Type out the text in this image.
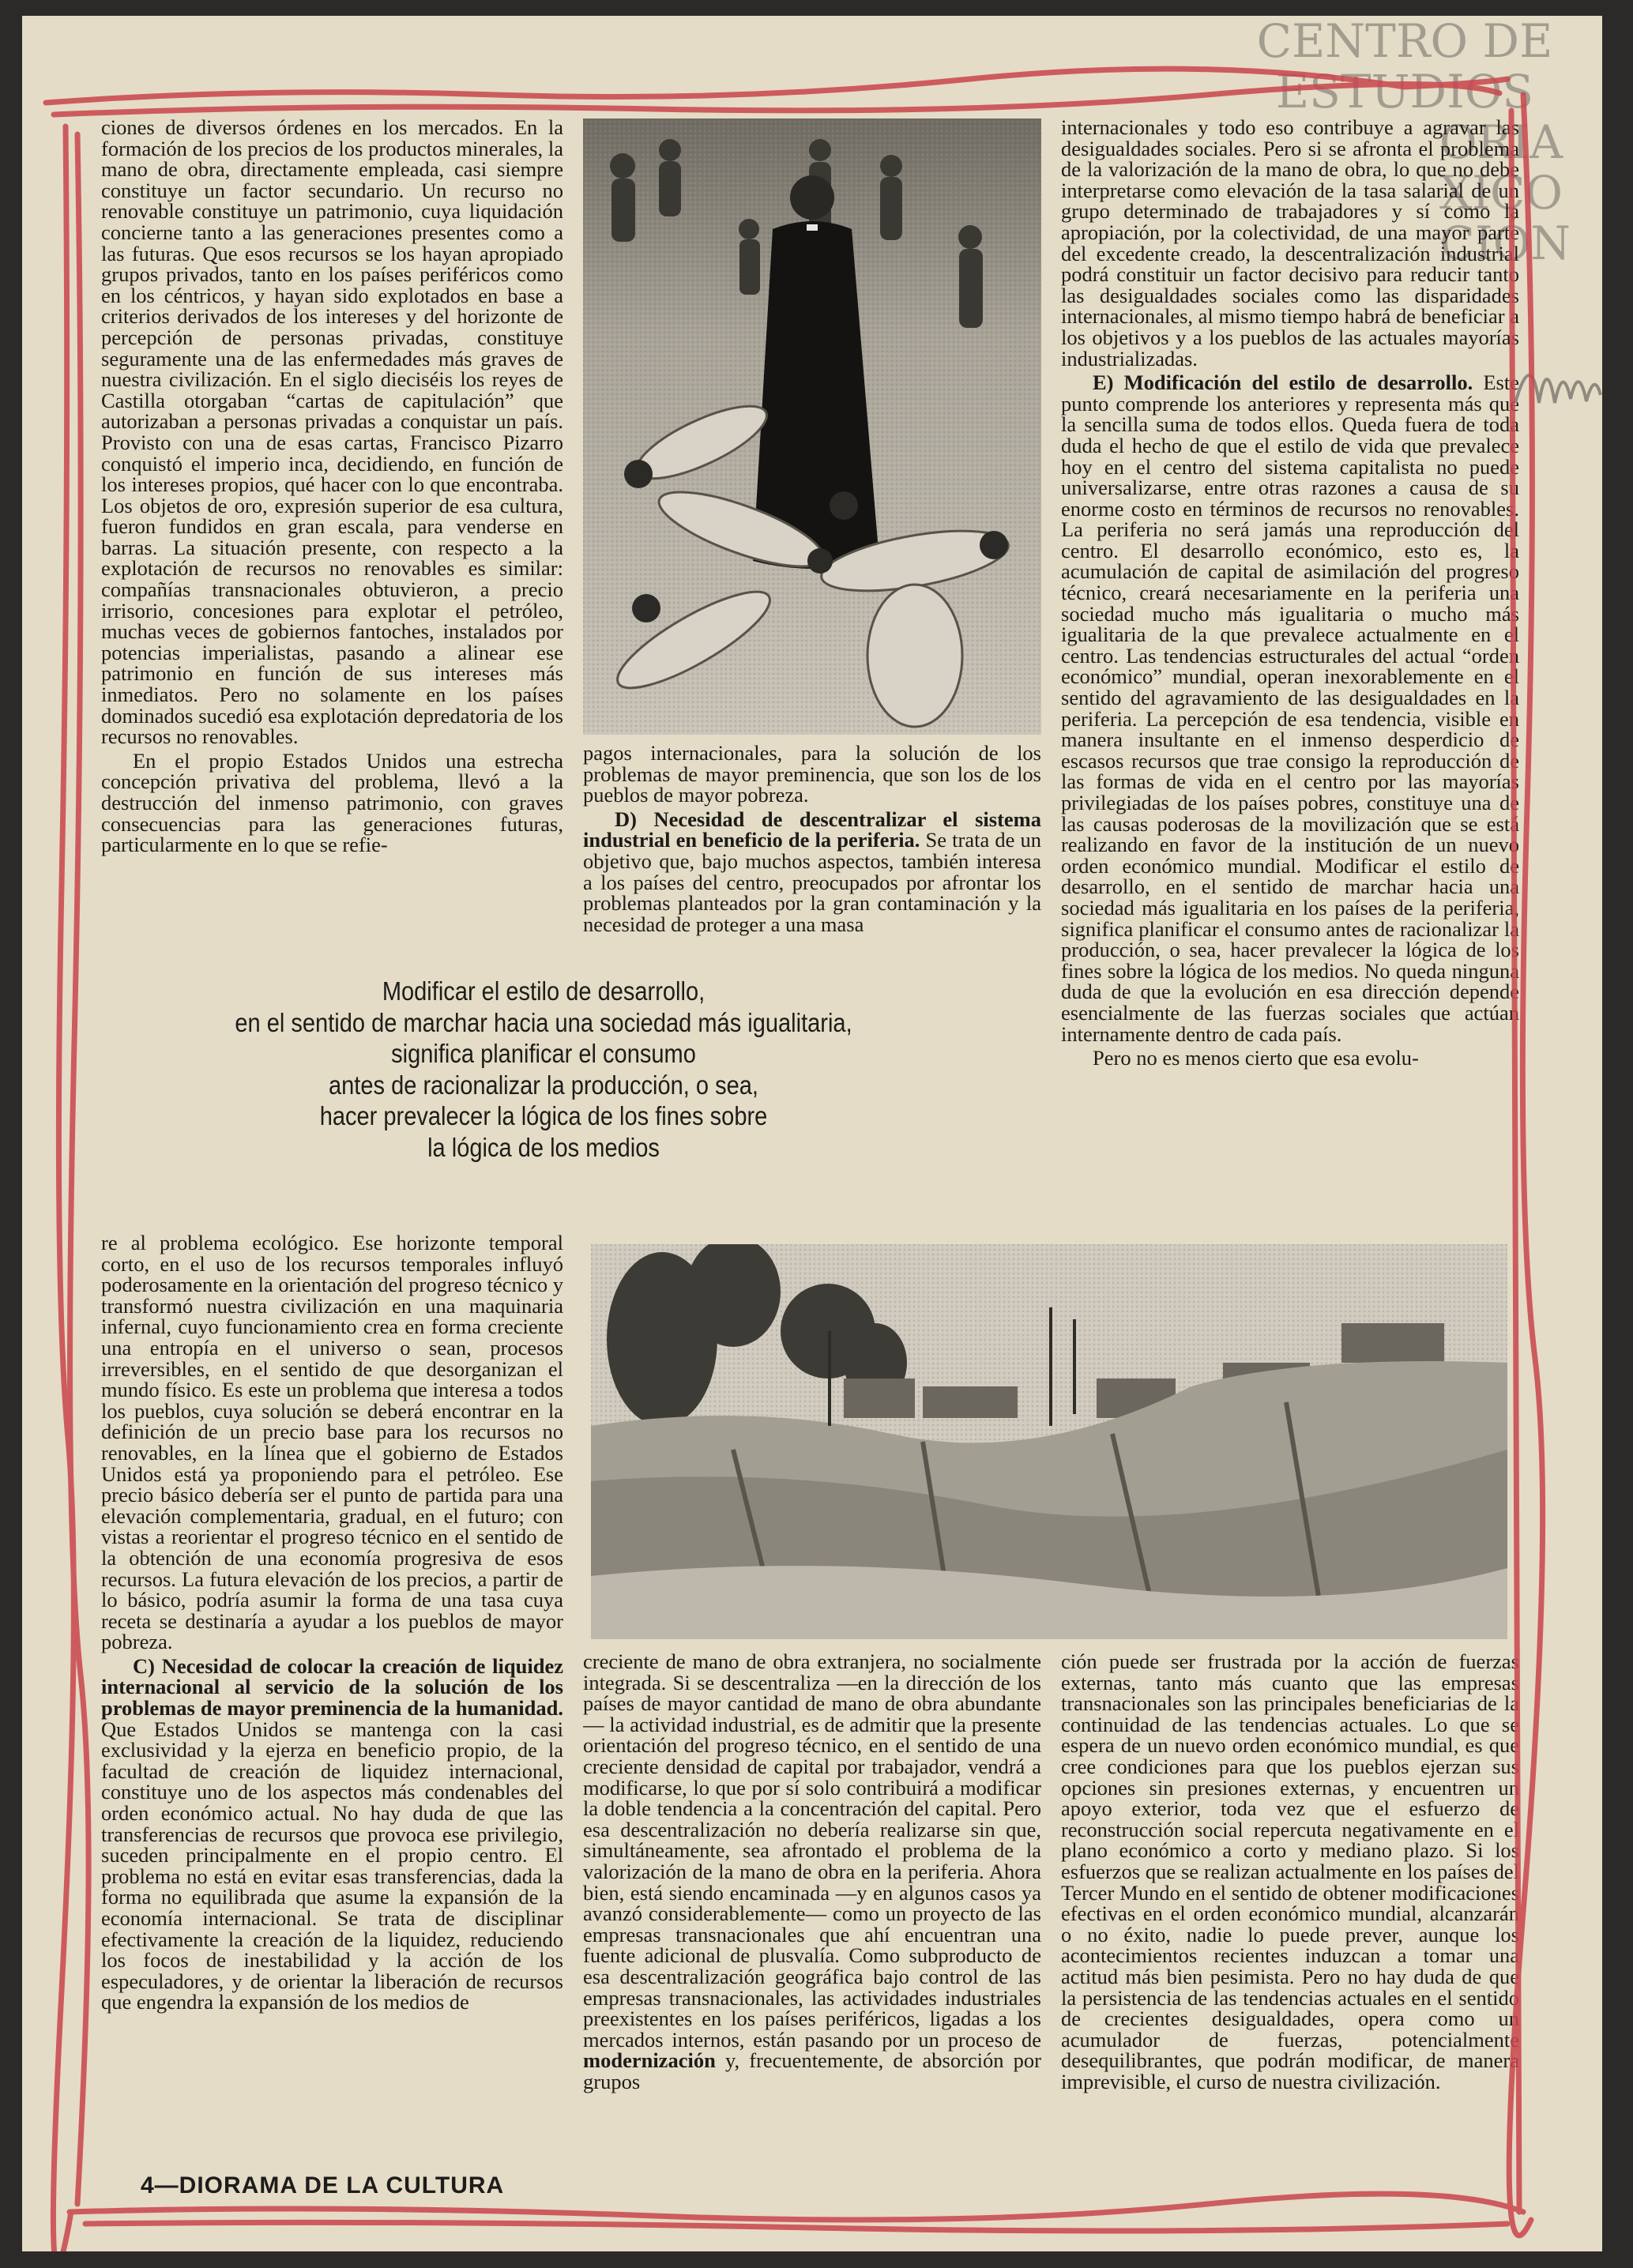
CENTRO DE
ESTUDIOS
ORIA
XICO
CIÓN

ciones de diversos órdenes en los mercados. En la formación de los precios de los productos minerales, la mano de obra, directamente empleada, casi siempre constituye un factor secundario. Un recurso no renovable constituye un patrimonio, cuya liquidación concierne tanto a las generaciones presentes como a las futuras. Que esos recursos se los hayan apropiado grupos privados, tanto en los países periféricos como en los céntricos, y hayan sido explotados en base a criterios derivados de los intereses y del horizonte de percepción de personas privadas, constituye seguramente una de las enfermedades más graves de nuestra civilización. En el siglo dieciséis los reyes de Castilla otorgaban “cartas de capitulación” que autorizaban a personas privadas a conquistar un país. Provisto con una de esas cartas, Francisco Pizarro conquistó el imperio inca, decidiendo, en función de los intereses propios, qué hacer con lo que encontraba. Los objetos de oro, expresión superior de esa cultura, fueron fundidos en gran escala, para venderse en barras. La situación presente, con respecto a la explotación de recursos no renovables es similar: compañías transnacionales obtuvieron, a precio irrisorio, concesiones para explotar el petróleo, muchas veces de gobiernos fantoches, instalados por potencias imperialistas, pasando a alinear ese patrimonio en función de sus intereses más inmediatos. Pero no solamente en los países dominados sucedió esa explotación depredatoria de los recursos no renovables.

En el propio Estados Unidos una estrecha concepción privativa del problema, llevó a la destrucción del inmenso patrimonio, con graves consecuencias para las generaciones futuras, particularmente en lo que se refie-

pagos internacionales, para la solución de los problemas de mayor preminencia, que son los de los pueblos de mayor pobreza.

D) Necesidad de descentralizar el sistema industrial en beneficio de la periferia. Se trata de un objetivo que, bajo muchos aspectos, también interesa a los países del centro, preocupados por afrontar los problemas planteados por la gran contaminación y la necesidad de proteger a una masa

internacionales y todo eso contribuye a agravar las desigualdades sociales. Pero si se afronta el problema de la valorización de la mano de obra, lo que no debe interpretarse como elevación de la tasa salarial de un grupo determinado de trabajadores y sí como la apropiación, por la colectividad, de una mayor parte del excedente creado, la descentralización industrial podrá constituir un factor decisivo para reducir tanto las desigualdades sociales como las disparidades internacionales, al mismo tiempo habrá de beneficiar a los objetivos y a los pueblos de las actuales mayorías industrializadas.

E) Modificación del estilo de desarrollo. Este punto comprende los anteriores y representa más que la sencilla suma de todos ellos. Queda fuera de toda duda el hecho de que el estilo de vida que prevalece hoy en el centro del sistema capitalista no puede universalizarse, entre otras razones a causa de su enorme costo en términos de recursos no renovables. La periferia no será jamás una reproducción del centro. El desarrollo económico, esto es, la acumulación de capital de asimilación del progreso técnico, creará necesariamente en la periferia una sociedad mucho más igualitaria o mucho más igualitaria de la que prevalece actualmente en el centro. Las tendencias estructurales del actual “orden económico” mundial, operan inexorablemente en el sentido del agravamiento de las desigualdades en la periferia. La percepción de esa tendencia, visible en manera insultante en el inmenso desperdicio de escasos recursos que trae consigo la reproducción de las formas de vida en el centro por las mayorías privilegiadas de los países pobres, constituye una de las causas poderosas de la movilización que se está realizando en favor de la institución de un nuevo orden económico mundial. Modificar el estilo de desarrollo, en el sentido de marchar hacia una sociedad más igualitaria en los países de la periferia, significa planificar el consumo antes de racionalizar la producción, o sea, hacer prevalecer la lógica de los fines sobre la lógica de los medios. No queda ninguna duda de que la evolución en esa dirección depende esencialmente de las fuerzas sociales que actúan internamente dentro de cada país.

Pero no es menos cierto que esa evolu-

Modificar el estilo de desarrollo,
en el sentido de marchar hacia una sociedad más igualitaria,
significa planificar el consumo
antes de racionalizar la producción, o sea,
hacer prevalecer la lógica de los fines sobre
la lógica de los medios

re al problema ecológico. Ese horizonte temporal corto, en el uso de los recursos temporales influyó poderosamente en la orientación del progreso técnico y transformó nuestra civilización en una maquinaria infernal, cuyo funcionamiento crea en forma creciente una entropía en el universo o sean, procesos irreversibles, en el sentido de que desorganizan el mundo físico. Es este un problema que interesa a todos los pueblos, cuya solución se deberá encontrar en la definición de un precio base para los recursos no renovables, en la línea que el gobierno de Estados Unidos está ya proponiendo para el petróleo. Ese precio básico debería ser el punto de partida para una elevación complementaria, gradual, en el futuro; con vistas a reorientar el progreso técnico en el sentido de la obtención de una economía progresiva de esos recursos. La futura elevación de los precios, a partir de lo básico, podría asumir la forma de una tasa cuya receta se destinaría a ayudar a los pueblos de mayor pobreza.

C) Necesidad de colocar la creación de liquidez internacional al servicio de la solución de los problemas de mayor preminencia de la humanidad. Que Estados Unidos se mantenga con la casi exclusividad y la ejerza en beneficio propio, de la facultad de creación de liquidez internacional, constituye uno de los aspectos más condenables del orden económico actual. No hay duda de que las transferencias de recursos que provoca ese privilegio, suceden principalmente en el propio centro. El problema no está en evitar esas transferencias, dada la forma no equilibrada que asume la expansión de la economía internacional. Se trata de disciplinar efectivamente la creación de la liquidez, reduciendo los focos de inestabilidad y la acción de los especuladores, y de orientar la liberación de recursos que engendra la expansión de los medios de

creciente de mano de obra extranjera, no socialmente integrada. Si se descentraliza —en la dirección de los países de mayor cantidad de mano de obra abundante— la actividad industrial, es de admitir que la presente orientación del progreso técnico, en el sentido de una creciente densidad de capital por trabajador, vendrá a modificarse, lo que por sí solo contribuirá a modificar la doble tendencia a la concentración del capital. Pero esa descentralización no debería realizarse sin que, simultáneamente, sea afrontado el problema de la valorización de la mano de obra en la periferia. Ahora bien, está siendo encaminada —y en algunos casos ya avanzó considerablemente— como un proyecto de las empresas transnacionales que ahí encuentran una fuente adicional de plusvalía. Como subproducto de esa descentralización geográfica bajo control de las empresas transnacionales, las actividades industriales preexistentes en los países periféricos, ligadas a los mercados internos, están pasando por un proceso de modernización y, frecuentemente, de absorción por grupos

ción puede ser frustrada por la acción de fuerzas externas, tanto más cuanto que las empresas transnacionales son las principales beneficiarias de la continuidad de las tendencias actuales. Lo que se espera de un nuevo orden económico mundial, es que cree condiciones para que los pueblos ejerzan sus opciones sin presiones externas, y encuentren un apoyo exterior, toda vez que el esfuerzo de reconstrucción social repercuta negativamente en el plano económico a corto y mediano plazo. Si los esfuerzos que se realizan actualmente en los países del Tercer Mundo en el sentido de obtener modificaciones efectivas en el orden económico mundial, alcanzarán o no éxito, nadie lo puede prever, aunque los acontecimientos recientes induzcan a tomar una actitud más bien pesimista. Pero no hay duda de que la persistencia de las tendencias actuales en el sentido de crecientes desigualdades, opera como un acumulador de fuerzas, potencialmente desequilibrantes, que podrán modificar, de manera imprevisible, el curso de nuestra civilización.

4—DIORAMA DE LA CULTURA
